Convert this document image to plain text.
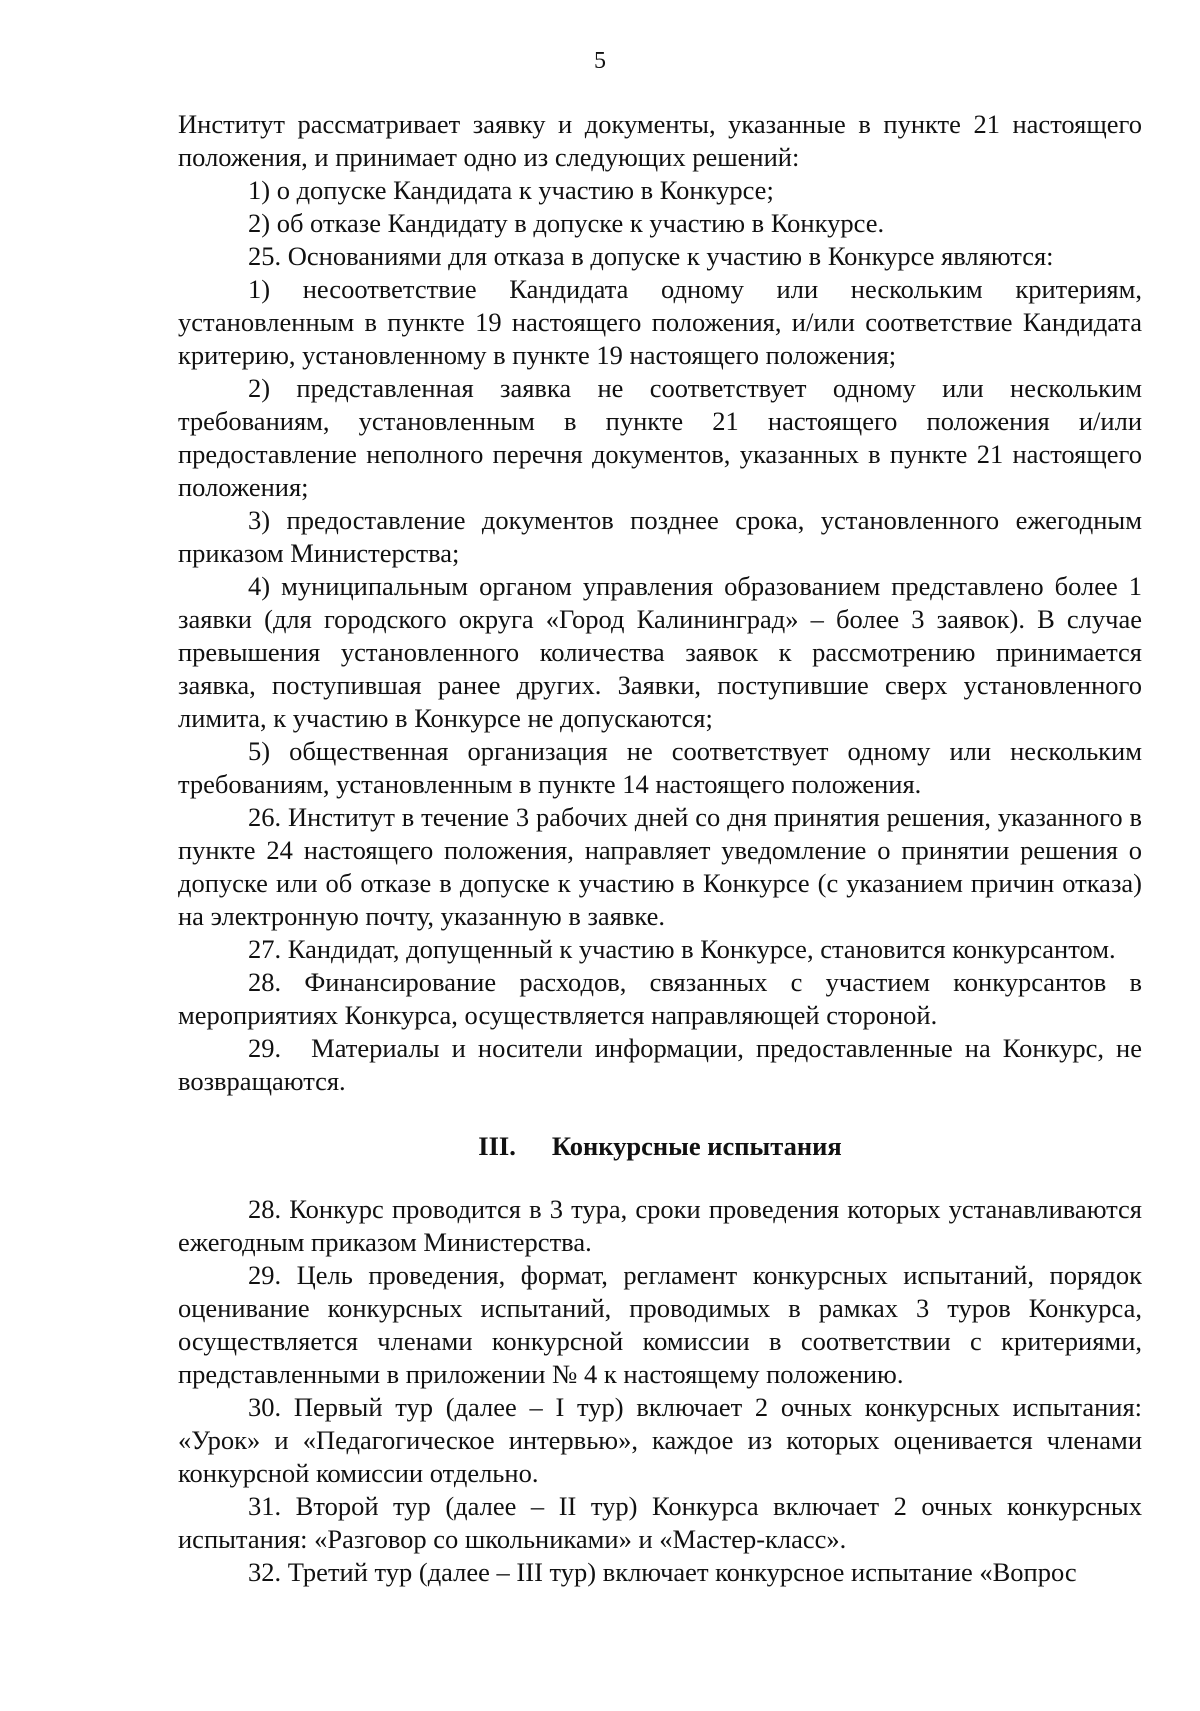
5

Институт рассматривает заявку и документы, указанные в пункте 21 настоящего положения, и принимает одно из следующих решений:

1) о допуске Кандидата к участию в Конкурсе;

2) об отказе Кандидату в допуске к участию в Конкурсе.

25. Основаниями для отказа в допуске к участию в Конкурсе являются:

1) несоответствие Кандидата одному или нескольким критериям, установленным в пункте 19 настоящего положения, и/или соответствие Кандидата критерию, установленному в пункте 19 настоящего положения;

2) представленная заявка не соответствует одному или нескольким требованиям, установленным в пункте 21 настоящего положения и/или предоставление неполного перечня документов, указанных в пункте 21 настоящего положения;

3) предоставление документов позднее срока, установленного ежегодным приказом Министерства;

4) муниципальным органом управления образованием представлено более 1 заявки (для городского округа «Город Калининград» – более 3 заявок). В случае превышения установленного количества заявок к рассмотрению принимается заявка, поступившая ранее других. Заявки, поступившие сверх установленного лимита, к участию в Конкурсе не допускаются;

5) общественная организация не соответствует одному или нескольким требованиям, установленным в пункте 14 настоящего положения.

26. Институт в течение 3 рабочих дней со дня принятия решения, указанного в пункте 24 настоящего положения, направляет уведомление о принятии решения о допуске или об отказе в допуске к участию в Конкурсе (с указанием причин отказа) на электронную почту, указанную в заявке.

27. Кандидат, допущенный к участию в Конкурсе, становится конкурсантом.

28. Финансирование расходов, связанных с участием конкурсантов в мероприятиях Конкурса, осуществляется направляющей стороной.

29. Материалы и носители информации, предоставленные на Конкурс, не возвращаются.

III. Конкурсные испытания

28. Конкурс проводится в 3 тура, сроки проведения которых устанавливаются ежегодным приказом Министерства.

29. Цель проведения, формат, регламент конкурсных испытаний, порядок оценивание конкурсных испытаний, проводимых в рамках 3 туров Конкурса, осуществляется членами конкурсной комиссии в соответствии с критериями, представленными в приложении № 4 к настоящему положению.

30. Первый тур (далее – I тур) включает 2 очных конкурсных испытания: «Урок» и «Педагогическое интервью», каждое из которых оценивается членами конкурсной комиссии отдельно.

31. Второй тур (далее – II тур) Конкурса включает 2 очных конкурсных испытания: «Разговор со школьниками» и «Мастер-класс».

32. Третий тур (далее – III тур) включает конкурсное испытание «Вопрос
